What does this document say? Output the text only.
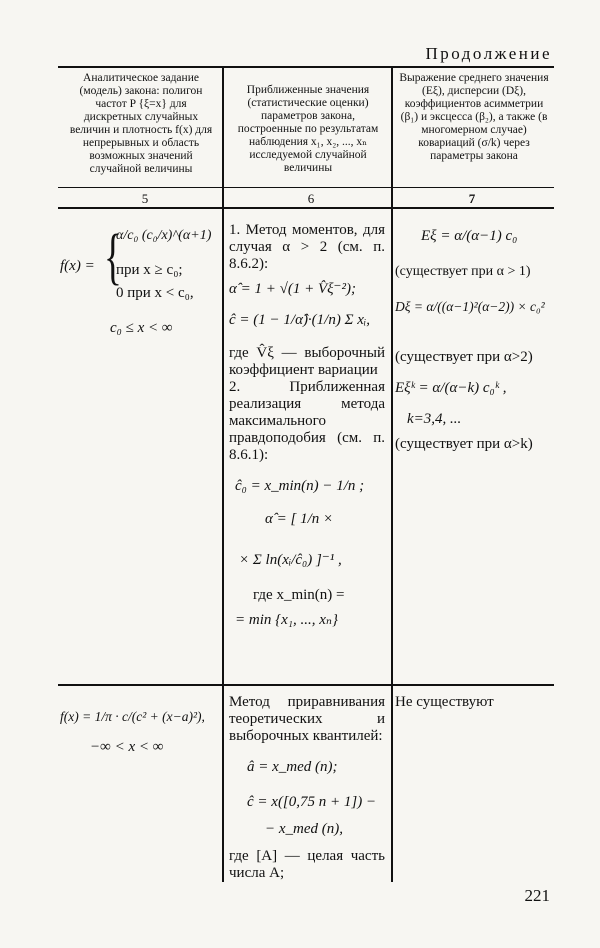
Продолжение
Аналитическое задание (модель) закона: полигон частот P {ξ=x} для дискретных случайных величин и плотность f(x) для непрерывных и область возможных значений случайной величины
Приближенные значения (статистические оценки) параметров закона, построенные по результатам наблюдения x₁, x₂, ..., xₙ исследуемой случайной величины
Выражение среднего значения (Eξ), дисперсии (Dξ), коэффициентов асимметрии (β₁) и эксцесса (β₂), а также (в многомерном случае) ковариаций (σ/k) через параметры закона
5	6	7
f(x) = {
α/c₀ (c₀/x)^(α+1)
при x ≥ c₀;
0 при x < c₀,
c₀ ≤ x < ∞
1. Метод моментов, для случая α > 2 (см. п. 8.6.2):
α̂ = 1 + √(1 + V̂ξ⁻²);
ĉ = (1 − 1/α̂)·(1/n) Σ xᵢ,
где V̂ξ — выборочный коэффициент вариации
2. Приближенная реализация метода максимального правдоподобия (см. п. 8.6.1):
ĉ₀ = x_min(n) − 1/n ;
α̂ = [ 1/n ×
× Σ ln(xᵢ/ĉ₀) ]⁻¹ ,
где x_min(n) =
= min {x₁, ..., xₙ}
Eξ = α/(α−1) c₀
(существует при α > 1)
Dξ = α/((α−1)²(α−2)) × c₀²
(существует при α>2)
Eξᵏ = α/(α−k) c₀ᵏ ,
k=3,4, ...
(существует при α>k)
f(x) = 1/π · c/(c² + (x−a)²),
−∞ < x < ∞
Метод приравнивания теоретических и выборочных квантилей:
â = x_med (n);
ĉ = x([0,75 n + 1]) −
− x_med (n),
где [A] — целая часть числа A;
Не существуют
221
